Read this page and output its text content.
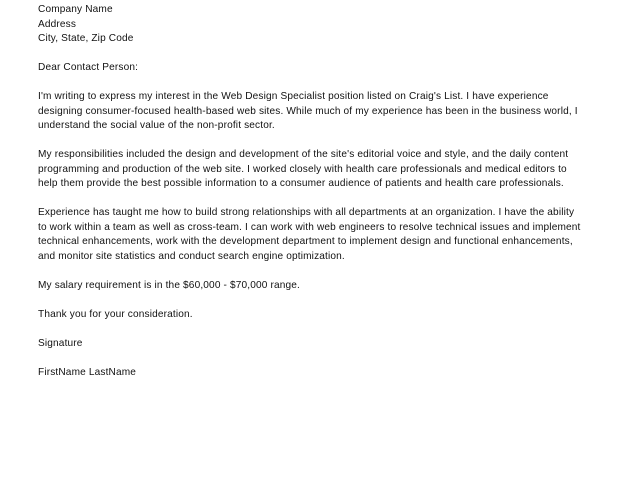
Company Name
Address
City, State, Zip Code
Dear Contact Person:
I'm writing to express my interest in the Web Design Specialist position listed on Craig's List. I have experience
designing consumer-focused health-based web sites. While much of my experience has been in the business world, I
understand the social value of the non-profit sector.
My responsibilities included the design and development of the site's editorial voice and style, and the daily content
programming and production of the web site. I worked closely with health care professionals and medical editors to
help them provide the best possible information to a consumer audience of patients and health care professionals.
Experience has taught me how to build strong relationships with all departments at an organization. I have the ability
to work within a team as well as cross-team. I can work with web engineers to resolve technical issues and implement
technical enhancements, work with the development department to implement design and functional enhancements,
and monitor site statistics and conduct search engine optimization.
My salary requirement is in the $60,000 - $70,000 range.
Thank you for your consideration.
Signature
FirstName LastName
